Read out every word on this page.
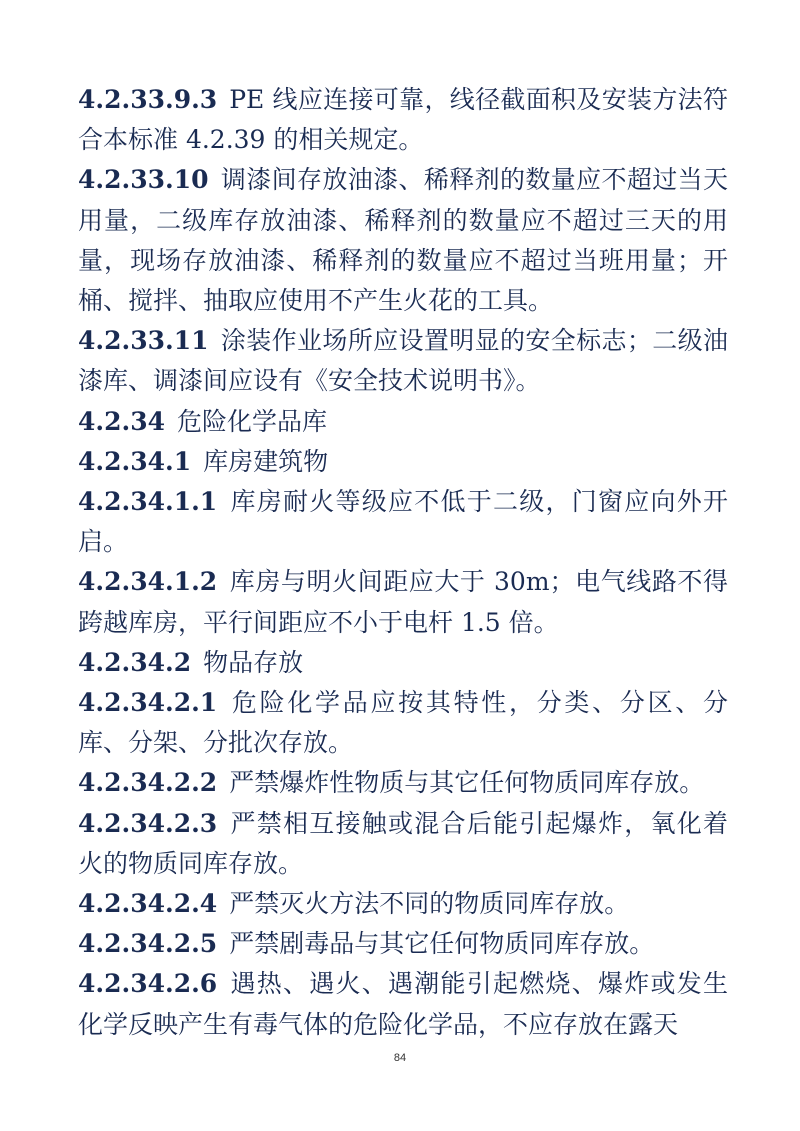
4.2.33.9.3 PE 线应连接可靠，线径截面积及安装方法符合本标准 4.2.39 的相关规定。

4.2.33.10 调漆间存放油漆、稀释剂的数量应不超过当天用量，二级库存放油漆、稀释剂的数量应不超过三天的用量，现场存放油漆、稀释剂的数量应不超过当班用量；开桶、搅拌、抽取应使用不产生火花的工具。

4.2.33.11 涂装作业场所应设置明显的安全标志；二级油漆库、调漆间应设有《安全技术说明书》。

4.2.34 危险化学品库

4.2.34.1 库房建筑物

4.2.34.1.1 库房耐火等级应不低于二级，门窗应向外开启。

4.2.34.1.2 库房与明火间距应大于 30m；电气线路不得跨越库房，平行间距应不小于电杆 1.5 倍。

4.2.34.2 物品存放

4.2.34.2.1 危险化学品应按其特性，分类、分区、分库、分架、分批次存放。

4.2.34.2.2 严禁爆炸性物质与其它任何物质同库存放。

4.2.34.2.3 严禁相互接触或混合后能引起爆炸，氧化着火的物质同库存放。

4.2.34.2.4 严禁灭火方法不同的物质同库存放。

4.2.34.2.5 严禁剧毒品与其它任何物质同库存放。

4.2.34.2.6 遇热、遇火、遇潮能引起燃烧、爆炸或发生化学反映产生有毒气体的危险化学品，不应存放在露天

84
